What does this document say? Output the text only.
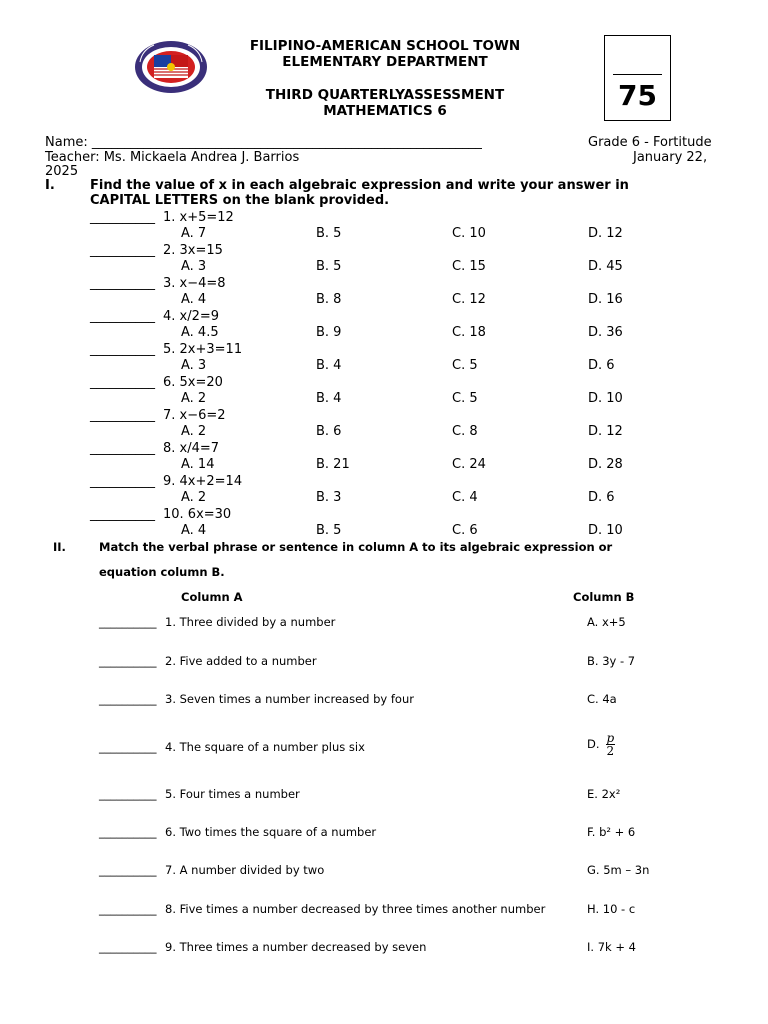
FILIPINO-AMERICAN SCHOOL TOWN
ELEMENTARY DEPARTMENT
THIRD QUARTERLYASSESSMENT
MATHEMATICS 6	75
Name: ____________________________________________________________	Grade 6 - Fortitude
Teacher: Ms. Mickaela Andrea J. Barrios	January 22,
2025
I.	Find the value of x in each algebraic expression and write your answer in
CAPITAL LETTERS on the blank provided.
__________ 1. x+5=12
A. 7	B. 5	C. 10	D. 12
__________ 2. 3x=15
A. 3	B. 5	C. 15	D. 45
__________ 3. x−4=8
A. 4	B. 8	C. 12	D. 16
__________ 4. x/2=9
A. 4.5	B. 9	C. 18	D. 36
__________ 5. 2x+3=11
A. 3	B. 4	C. 5	D. 6
__________ 6. 5x=20
A. 2	B. 4	C. 5	D. 10
__________ 7. x−6=2
A. 2	B. 6	C. 8	D. 12
__________ 8. x/4=7
A. 14	B. 21	C. 24	D. 28
__________ 9. 4x+2=14
A. 2	B. 3	C. 4	D. 6
__________ 10. 6x=30
A. 4	B. 5	C. 6	D. 10
II.	Match the verbal phrase or sentence in column A to its algebraic expression or
equation column B.
Column A	Column B
__________ 1. Three divided by a number	A. x+5
__________ 2. Five added to a number	B. 3y - 7
__________ 3. Seven times a number increased by four	C. 4a
__________ 4. The square of a number plus six	D. $\frac{p}{2}$
__________ 5. Four times a number	E. 2x²
__________ 6. Two times the square of a number	F. b² + 6
__________ 7. A number divided by two	G. 5m – 3n
__________ 8. Five times a number decreased by three times another number	H. 10 - c
__________ 9. Three times a number decreased by seven	I. 7k + 4
